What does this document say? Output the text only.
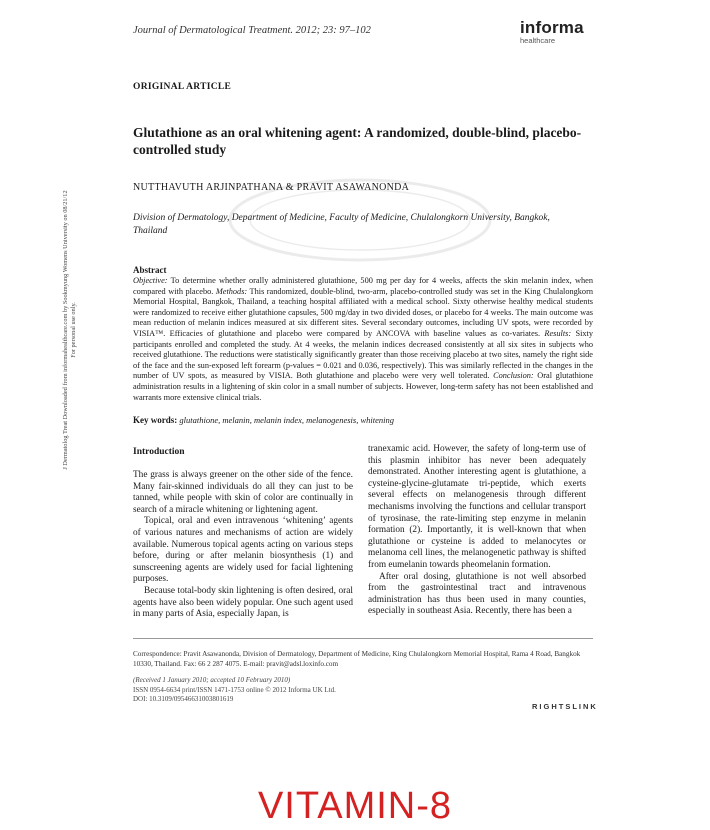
Journal of Dermatological Treatment. 2012; 23: 97–102	informa
healthcare
J Dermatolog Treat Downloaded from informahealthcare.com by Sookmyung Womens University on 08/21/12 For personal use only.
ORIGINAL ARTICLE
Glutathione as an oral whitening agent: A randomized, double-blind, placebo-controlled study
NUTTHAVUTH ARJINPATHANA & PRAVIT ASAWANONDA
Division of Dermatology, Department of Medicine, Faculty of Medicine, Chulalongkorn University, Bangkok, Thailand
Abstract
Objective: To determine whether orally administered glutathione, 500 mg per day for 4 weeks, affects the skin melanin index, when compared with placebo. Methods: This randomized, double-blind, two-arm, placebo-controlled study was set in the King Chulalongkorn Memorial Hospital, Bangkok, Thailand, a teaching hospital affiliated with a medical school. Sixty otherwise healthy medical students were randomized to receive either glutathione capsules, 500 mg/day in two divided doses, or placebo for 4 weeks. The main outcome was mean reduction of melanin indices measured at six different sites. Several secondary outcomes, including UV spots, were recorded by VISIA™. Efficacies of glutathione and placebo were compared by ANCOVA with baseline values as co-variates. Results: Sixty participants enrolled and completed the study. At 4 weeks, the melanin indices decreased consistently at all six sites in subjects who received glutathione. The reductions were statistically significantly greater than those receiving placebo at two sites, namely the right side of the face and the sun-exposed left forearm (p-values = 0.021 and 0.036, respectively). This was similarly reflected in the changes in the number of UV spots, as measured by VISIA. Both glutathione and placebo were very well tolerated. Conclusion: Oral glutathione administration results in a lightening of skin color in a small number of subjects. However, long-term safety has not been established and warrants more extensive clinical trials.
Key words: glutathione, melanin, melanin index, melanogenesis, whitening
Introduction

The grass is always greener on the other side of the fence. Many fair-skinned individuals do all they can just to be tanned, while people with skin of color are continually in search of a miracle whitening or lightening agent.

Topical, oral and even intravenous ‘whitening’ agents of various natures and mechanisms of action are widely available. Numerous topical agents acting on various steps before, during or after melanin biosynthesis (1) and sunscreening agents are widely used for facial lightening purposes.

Because total-body skin lightening is often desired, oral agents have also been widely popular. One such agent used in many parts of Asia, especially Japan, is

tranexamic acid. However, the safety of long-term use of this plasmin inhibitor has never been adequately demonstrated. Another interesting agent is glutathione, a cysteine-glycine-glutamate tri-peptide, which exerts several effects on melanogenesis through different mechanisms involving the functions and cellular transport of tyrosinase, the rate-limiting step enzyme in melanin formation (2). Importantly, it is well-known that when glutathione or cysteine is added to melanocytes or melanoma cell lines, the melanogenetic pathway is shifted from eumelanin towards pheomelanin formation.

After oral dosing, glutathione is not well absorbed from the gastrointestinal tract and intravenous administration has thus been used in many counties, especially in southeast Asia. Recently, there has been a

Correspondence: Pravit Asawanonda, Division of Dermatology, Department of Medicine, King Chulalongkorn Memorial Hospital, Rama 4 Road, Bangkok 10330, Thailand. Fax: 66 2 287 4075. E-mail: pravit@adsl.loxinfo.com
(Received 1 January 2010; accepted 10 February 2010)
ISSN 0954-6634 print/ISSN 1471-1753 online © 2012 Informa UK Ltd.
DOI: 10.3109/09546631003801619
RIGHTSLINK
VITAMIN-8
